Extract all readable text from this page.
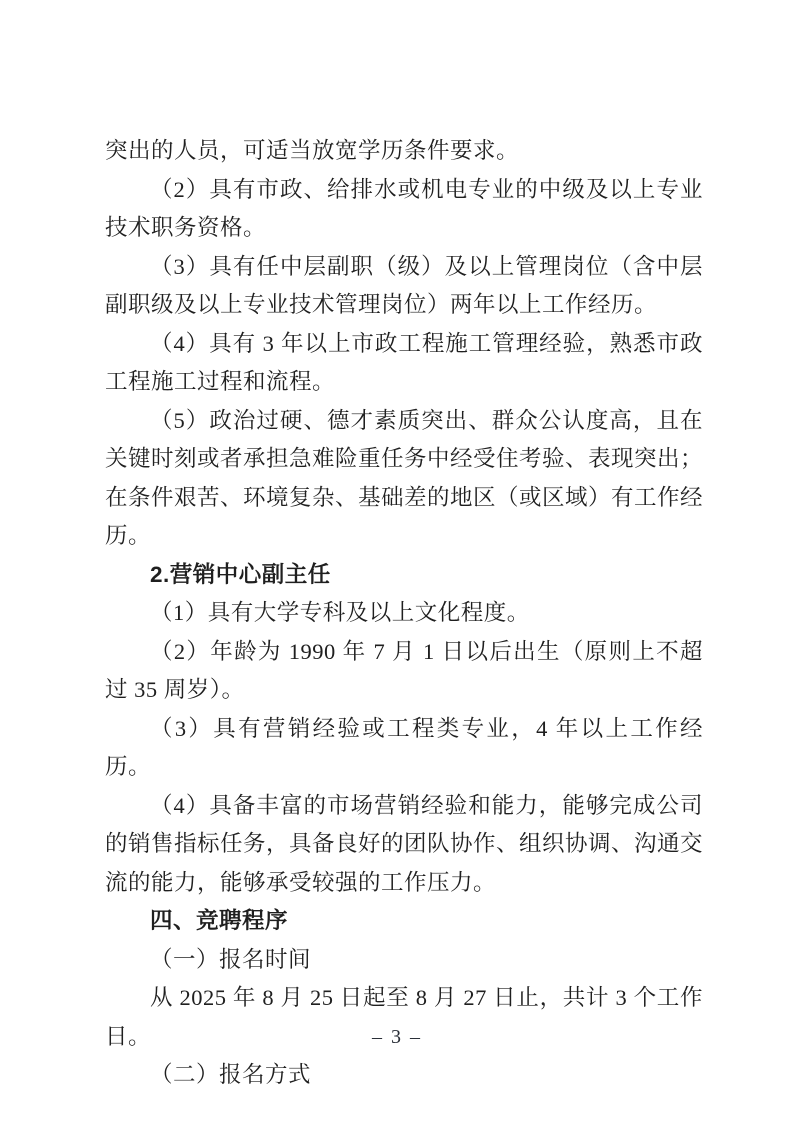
突出的人员，可适当放宽学历条件要求。

（2）具有市政、给排水或机电专业的中级及以上专业技术职务资格。

（3）具有任中层副职（级）及以上管理岗位（含中层副职级及以上专业技术管理岗位）两年以上工作经历。

（4）具有 3 年以上市政工程施工管理经验，熟悉市政工程施工过程和流程。

（5）政治过硬、德才素质突出、群众公认度高，且在关键时刻或者承担急难险重任务中经受住考验、表现突出；在条件艰苦、环境复杂、基础差的地区（或区域）有工作经历。

2.营销中心副主任

（1）具有大学专科及以上文化程度。

（2）年龄为 1990 年 7 月 1 日以后出生（原则上不超过 35 周岁）。

（3）具有营销经验或工程类专业，4 年以上工作经历。

（4）具备丰富的市场营销经验和能力，能够完成公司的销售指标任务，具备良好的团队协作、组织协调、沟通交流的能力，能够承受较强的工作压力。

四、竞聘程序

（一）报名时间

从 2025 年 8 月 25 日起至 8 月 27 日止，共计 3 个工作日。

（二）报名方式

– 3 –
